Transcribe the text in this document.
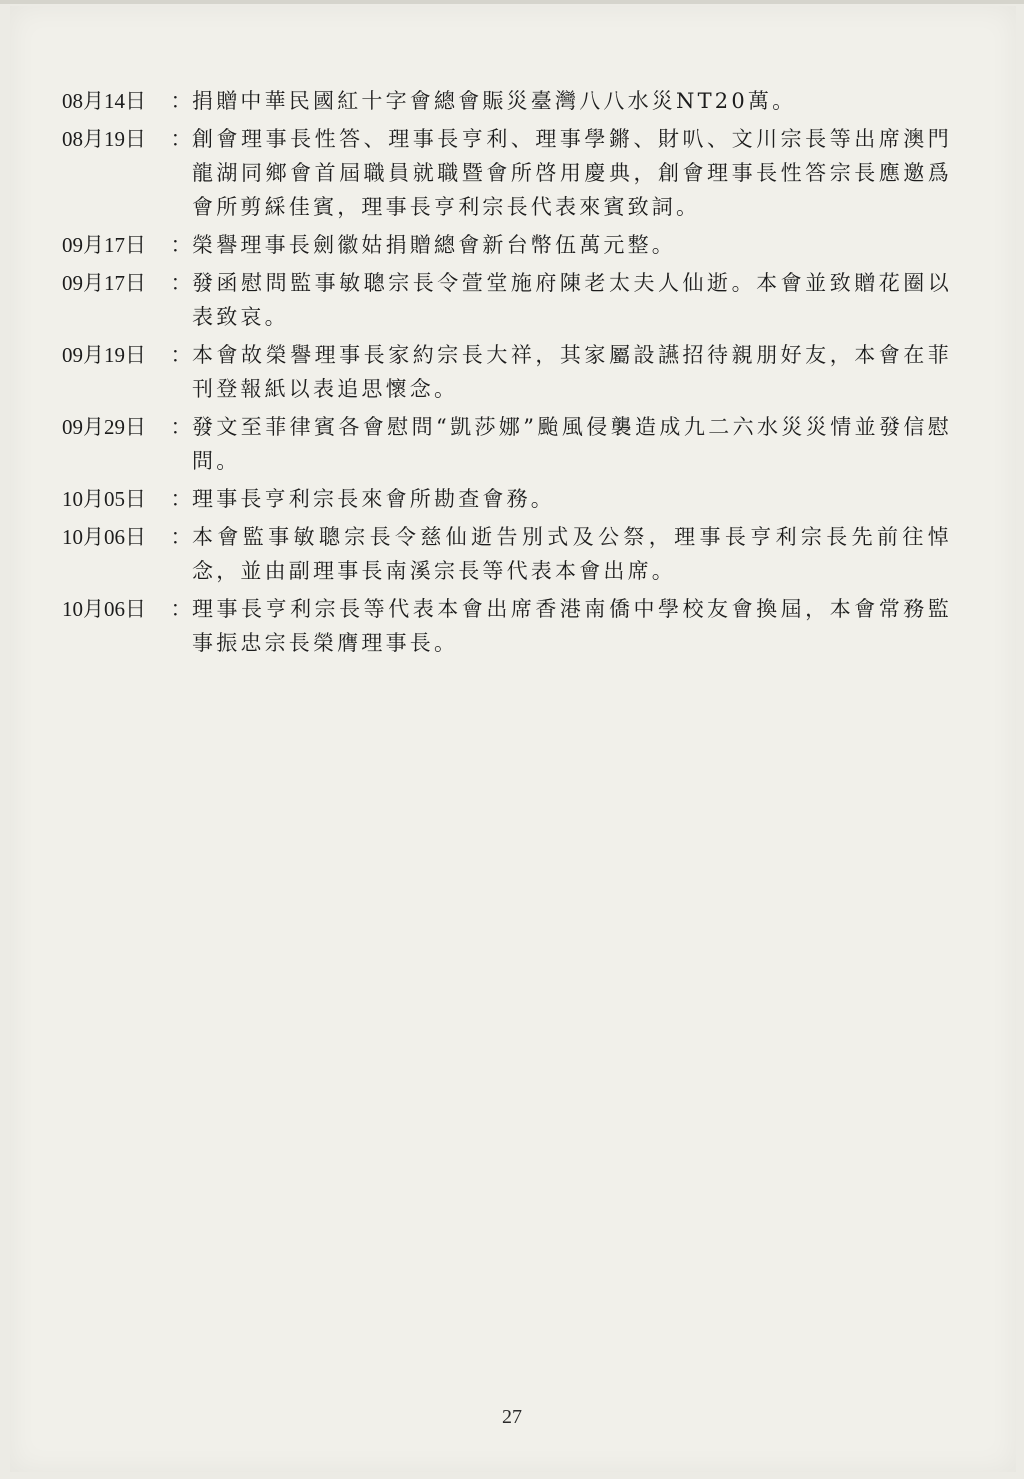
08月14日	： 捐贈中華民國紅十字會總會賑災臺灣八八水災NT20萬。
08月19日	： 創會理事長性答、理事長亨利、理事學鏘、財叭、文川宗長等出席澳門龍湖同鄉會首屆職員就職暨會所啓用慶典，創會理事長性答宗長應邀爲會所剪綵佳賓，理事長亨利宗長代表來賓致詞。
09月17日	： 榮譽理事長劍徽姑捐贈總會新台幣伍萬元整。
09月17日	： 發函慰問監事敏聰宗長令萱堂施府陳老太夫人仙逝。本會並致贈花圈以表致哀。
09月19日	： 本會故榮譽理事長家約宗長大祥，其家屬設讌招待親朋好友，本會在菲刊登報紙以表追思懷念。
09月29日	： 發文至菲律賓各會慰問“凱莎娜”颱風侵襲造成九二六水災災情並發信慰問。
10月05日	： 理事長亨利宗長來會所勘查會務。
10月06日	： 本會監事敏聰宗長令慈仙逝告別式及公祭，理事長亨利宗長先前往悼念，並由副理事長南溪宗長等代表本會出席。
10月06日	： 理事長亨利宗長等代表本會出席香港南僑中學校友會換屆，本會常務監事振忠宗長榮膺理事長。
27
